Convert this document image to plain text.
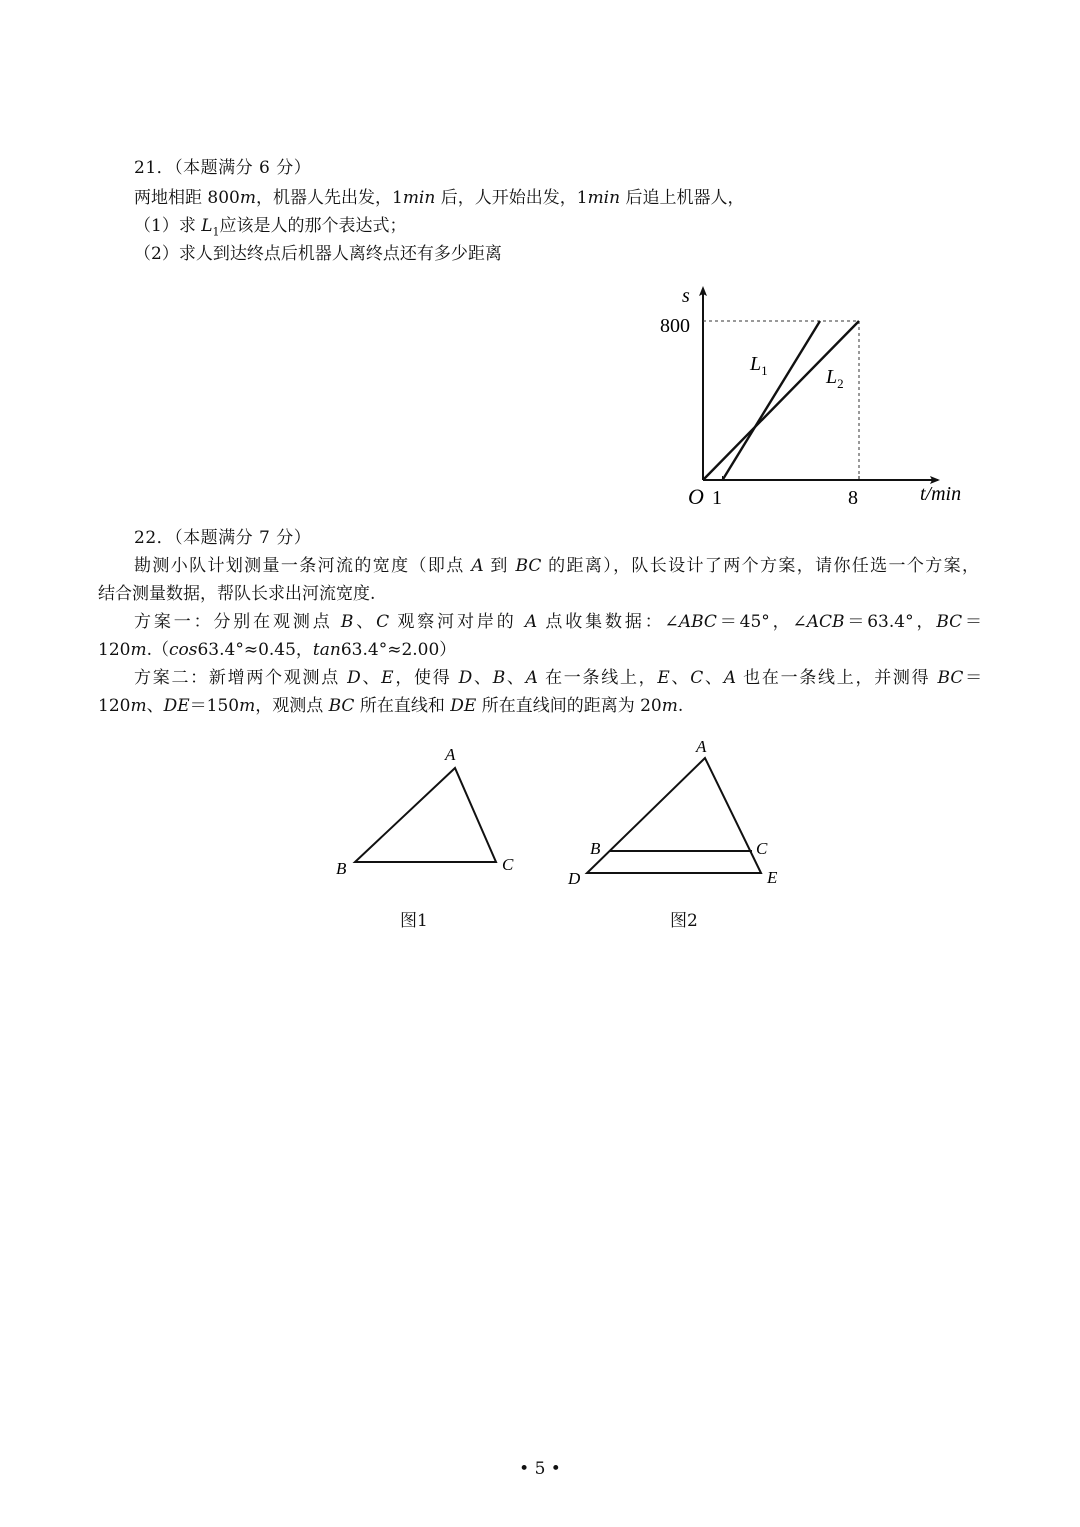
21．（本题满分 6 分）
两地相距 800m，机器人先出发，1min 后，人开始出发，1min 后追上机器人，
（1）求 $L_1$应该是人的那个表达式；
（2）求人到达终点后机器人离终点还有多少距离
s
800
O 1	8	t/min
$L_1$	$L_2$
22．（本题满分 7 分）
勘测小队计划测量一条河流的宽度（即点 A 到 BC 的距离），队长设计了两个方案，请你任选一个方案，
结合测量数据，帮队长求出河流宽度.
方案一：分别在观测点 B、C 观察河对岸的 A 点收集数据：∠ABC＝45°，∠ACB＝63.4°，BC＝
120m.（cos63.4°≈0.45，tan63.4°≈2.00）
方案二：新增两个观测点 D、E，使得 D、B、A 在一条线上，E、C、A 也在一条线上，并测得 BC＝
120m、DE＝150m，观测点 BC 所在直线和 DE 所在直线间的距离为 20m.
A
B	C
图1
A
B	C
D	E
图2
• 5 •
